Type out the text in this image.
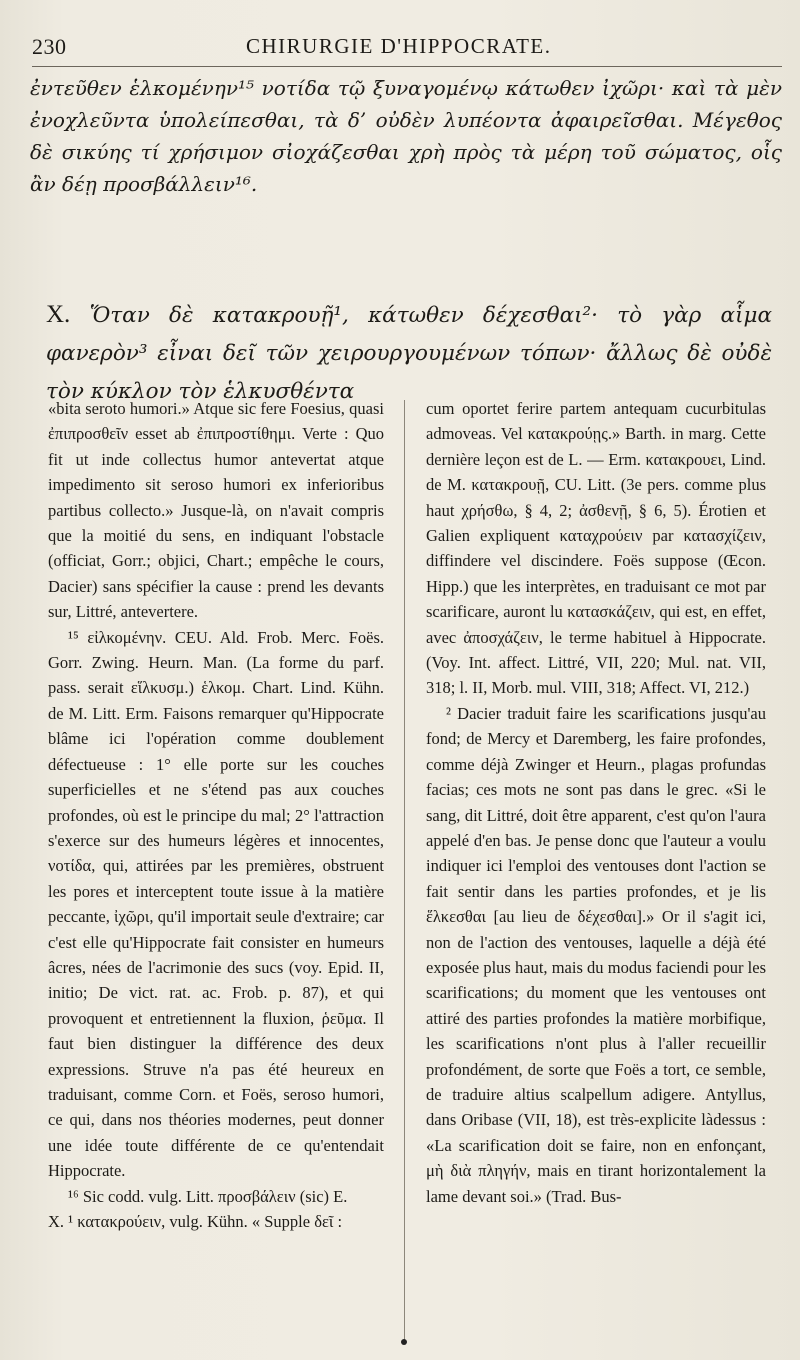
230	CHIRURGIE D'HIPPOCRATE.
ἐντεῦθεν ἑλκομένην¹⁵ νοτίδα τῷ ξυναγομένῳ κάτωθεν ἰχῶρι· καὶ τὰ μὲν ἐνοχλεῦντα ὑπολείπεσθαι, τὰ δ’ οὐδὲν λυπέοντα ἀφαιρεῖσθαι. Μέγεθος δὲ σικύης τί χρήσιμον σἰοχάζεσθαι χρὴ πρὸς τὰ μέρη τοῦ σώματος, οἷς ἂν δέῃ προσβάλλειν¹⁶.
X. Ὅταν δὲ κατακρουῇ¹, κάτωθεν δέχεσθαι²· τὸ γὰρ αἷμα φανερὸν³ εἶναι δεῖ τῶν χειρουργουμένων τόπων· ἄλλως δὲ οὐδὲ τὸν κύκλον τὸν ἑλκυσθέντα

«bita seroto humori.» Atque sic fere Foesius, quasi ἐπιπροσθεῖν esset ab ἐπιπροστίθημι. Verte : Quo fit ut inde collectus humor antevertat atque impedimento sit seroso humori ex inferioribus partibus collecto.» Jusque-là, on n'avait compris que la moitié du sens, en indiquant l'obstacle (officiat, Gorr.; objici, Chart.; empêche le cours, Dacier) sans spécifier la cause : prend les devants sur, Littré, antevertere.

¹⁵ εἰλκομένην. CEU. Ald. Frob. Merc. Foës. Gorr. Zwing. Heurn. Man. (La forme du parf. pass. serait εἵλκυσμ.) ἑλκομ. Chart. Lind. Kühn. de M. Litt. Erm. Faisons remarquer qu'Hippocrate blâme ici l'opération comme doublement défectueuse : 1° elle porte sur les couches superficielles et ne s'étend pas aux couches profondes, où est le principe du mal; 2° l'attraction s'exerce sur des humeurs légères et innocentes, νοτίδα, qui, attirées par les premières, obstruent les pores et interceptent toute issue à la matière peccante, ἰχῶρι, qu'il importait seule d'extraire; car c'est elle qu'Hippocrate fait consister en humeurs âcres, nées de l'acrimonie des sucs (voy. Epid. II, initio; De vict. rat. ac. Frob. p. 87), et qui provoquent et entretiennent la fluxion, ῥεῦμα. Il faut bien distinguer la différence des deux expressions. Struve n'a pas été heureux en traduisant, comme Corn. et Foës, seroso humori, ce qui, dans nos théories modernes, peut donner une idée toute différente de ce qu'entendait Hippocrate.

¹⁶ Sic codd. vulg. Litt. προσβάλειν (sic) E.

X. ¹ κατακρούειν, vulg. Kühn. « Supple δεῖ :

cum oportet ferire partem antequam cucurbitulas admoveas. Vel κατακρούῃς.» Barth. in marg. Cette dernière leçon est de L. — Erm. κατακρουει, Lind. de M. κατακρουῇ, CU. Litt. (3e pers. comme plus haut χρήσθω, § 4, 2; ἀσθενῇ, § 6, 5). Érotien et Galien expliquent καταχρούειν par κατασχίζειν, diffindere vel discindere. Foës suppose (Œcon. Hipp.) que les interprètes, en traduisant ce mot par scarificare, auront lu κατασκάζειν, qui est, en effet, avec ἀποσχάζειν, le terme habituel à Hippocrate. (Voy. Int. affect. Littré, VII, 220; Mul. nat. VII, 318; l. II, Morb. mul. VIII, 318; Affect. VI, 212.)

² Dacier traduit faire les scarifications jusqu'au fond; de Mercy et Daremberg, les faire profondes, comme déjà Zwinger et Heurn., plagas profundas facias; ces mots ne sont pas dans le grec. «Si le sang, dit Littré, doit être apparent, c'est qu'on l'aura appelé d'en bas. Je pense donc que l'auteur a voulu indiquer ici l'emploi des ventouses dont l'action se fait sentir dans les parties profondes, et je lis ἕλκεσθαι [au lieu de δέχεσθαι].» Or il s'agit ici, non de l'action des ventouses, laquelle a déjà été exposée plus haut, mais du modus faciendi pour les scarifications; du moment que les ventouses ont attiré des parties profondes la matière morbifique, les scarifications n'ont plus à l'aller recueillir profondément, de sorte que Foës a tort, ce semble, de traduire altius scalpellum adigere. Antyllus, dans Oribase (VII, 18), est très-explicite làdessus : «La scarification doit se faire, non en enfonçant, μὴ διὰ πληγήν, mais en tirant horizontalement la lame devant soi.» (Trad. Bus-
